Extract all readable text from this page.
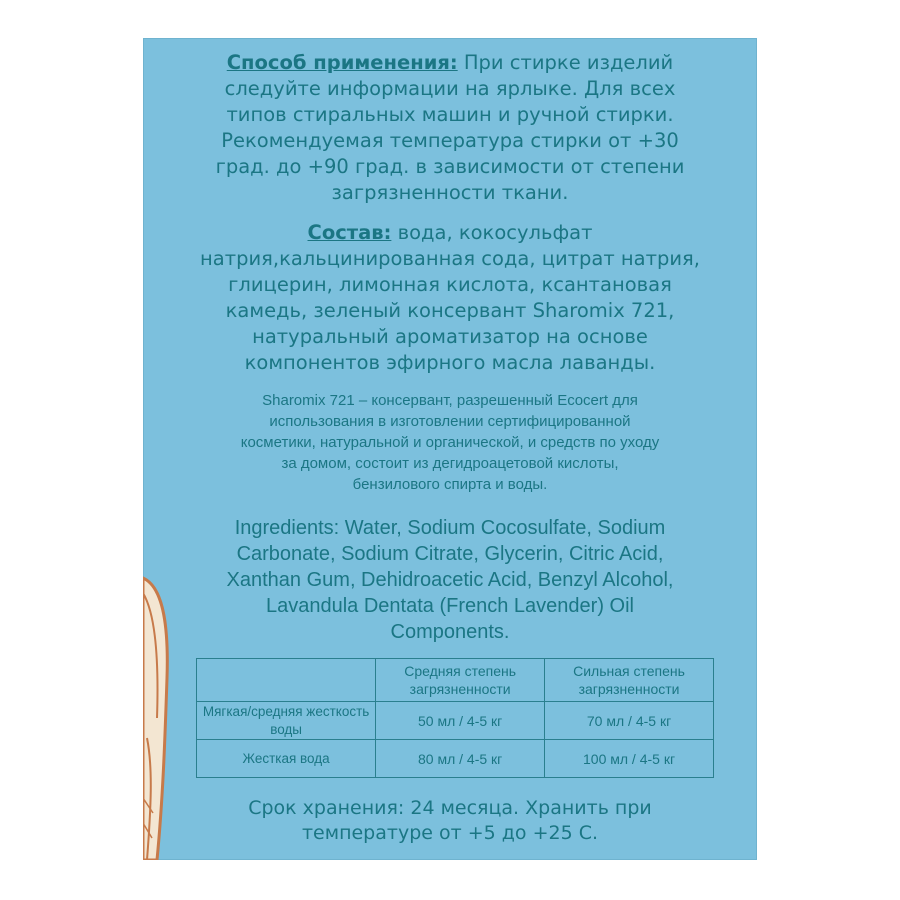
Способ применения: При стирке изделий
следуйте информации на ярлыке. Для всех
типов стиральных машин и ручной стирки.
Рекомендуемая температура стирки от +30
град. до +90 град. в зависимости от степени
загрязненности ткани.
Состав: вода, кокосульфат
натрия,кальцинированная сода, цитрат натрия,
глицерин, лимонная кислота, ксантановая
камедь, зеленый консервант Sharomix 721,
натуральный ароматизатор на основе
компонентов эфирного масла лаванды.
Sharomix 721 – консервант, разрешенный Ecocert для
использования в изготовлении сертифицированной
косметики, натуральной и органической, и средств по уходу
за домом, состоит из дегидроацетовой кислоты,
бензилового спирта и воды.
Ingredients: Water, Sodium Cocosulfate, Sodium
Carbonate, Sodium Citrate, Glycerin, Citric Acid,
Xanthan Gum, Dehidroacetic Acid, Benzyl Alcohol,
Lavandula Dentata (French Lavender) Oil
Components.
	Средняя степень загрязненности	Сильная степень загрязненности
Мягкая/средняя жесткость воды	50 мл / 4-5 кг	70 мл / 4-5 кг
Жесткая вода	80 мл / 4-5 кг	100 мл / 4-5 кг
Срок хранения: 24 месяца. Хранить при
температуре от +5 до +25 С.
